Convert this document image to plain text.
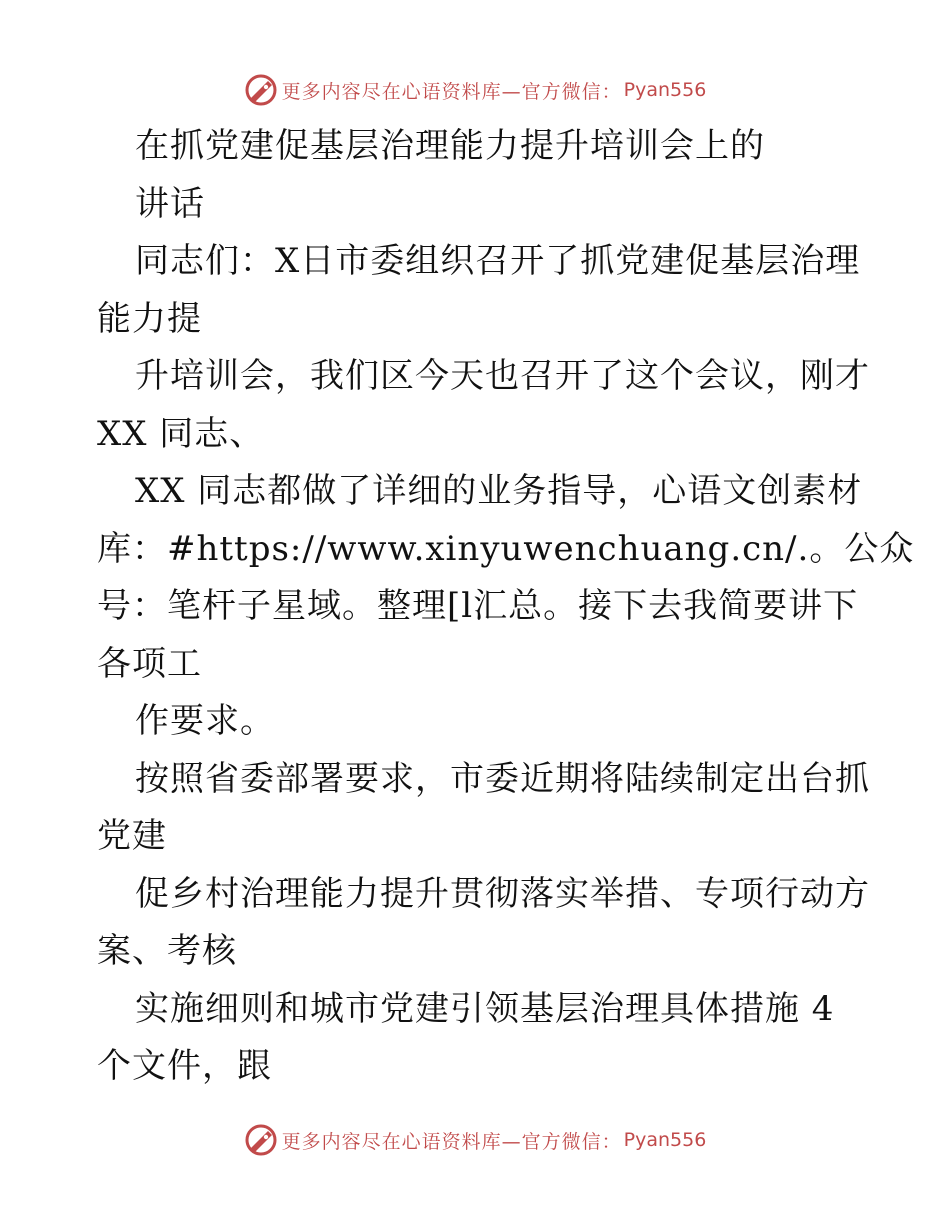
更多内容尽在心语资料库—官方微信： Pyan556

在抓党建促基层治理能力提升培训会上的

讲话

同志们：X日市委组织召开了抓党建促基层治理

能力提

升培训会，我们区今天也召开了这个会议，刚才

XX 同志、

XX 同志都做了详细的业务指导，心语文创素材

库：#https://www.xinyuwenchuang.cn/.。公众

号：笔杆子星域。整理[l汇总。接下去我简要讲下

各项工

作要求。

按照省委部署要求，市委近期将陆续制定出台抓

党建

促乡村治理能力提升贯彻落实举措、专项行动方

案、考核

实施细则和城市党建引领基层治理具体措施 4

个文件，跟

更多内容尽在心语资料库—官方微信： Pyan556
